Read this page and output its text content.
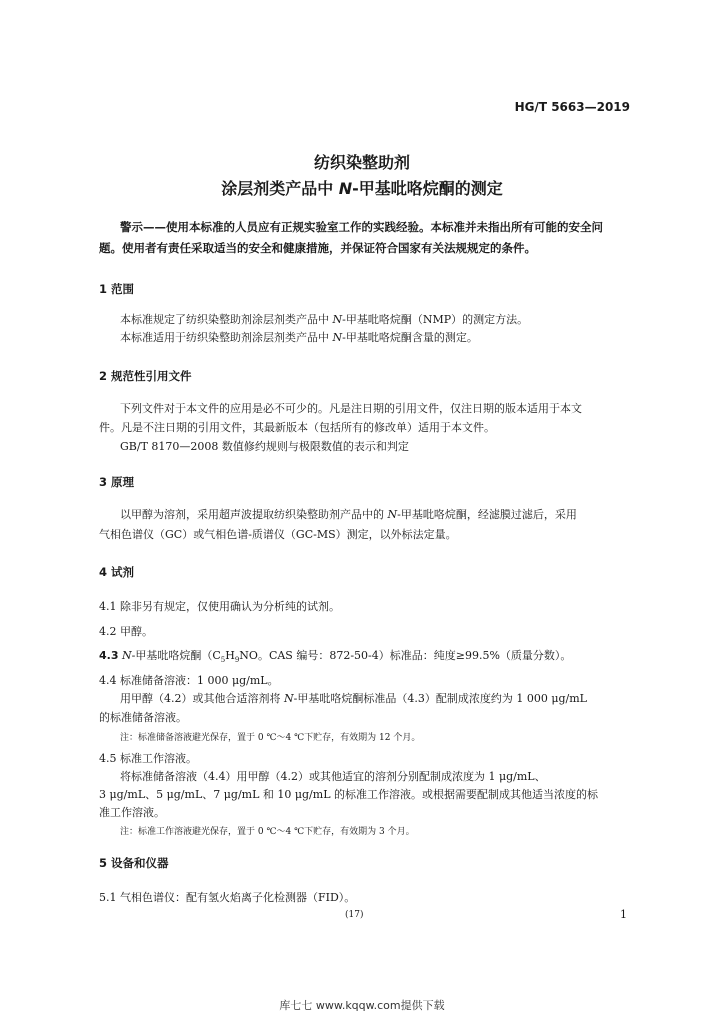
HG/T 5663—2019
纺织染整助剂
涂层剂类产品中 N-甲基吡咯烷酮的测定
警示——使用本标准的人员应有正规实验室工作的实践经验。本标准并未指出所有可能的安全问
题。使用者有责任采取适当的安全和健康措施，并保证符合国家有关法规规定的条件。
1 范围
本标准规定了纺织染整助剂涂层剂类产品中 N-甲基吡咯烷酮（NMP）的测定方法。
本标准适用于纺织染整助剂涂层剂类产品中 N-甲基吡咯烷酮含量的测定。
2 规范性引用文件
下列文件对于本文件的应用是必不可少的。凡是注日期的引用文件，仅注日期的版本适用于本文
件。凡是不注日期的引用文件，其最新版本（包括所有的修改单）适用于本文件。
GB/T 8170—2008 数值修约规则与极限数值的表示和判定
3 原理
以甲醇为溶剂，采用超声波提取纺织染整助剂产品中的 N-甲基吡咯烷酮，经滤膜过滤后，采用
气相色谱仪（GC）或气相色谱-质谱仪（GC-MS）测定，以外标法定量。
4 试剂
4.1 除非另有规定，仅使用确认为分析纯的试剂。
4.2 甲醇。
4.3 N-甲基吡咯烷酮（$C_5H_9NO$。CAS 编号：872-50-4）标准品：纯度≥99.5%（质量分数）。
4.4 标准储备溶液：1 000 μg/mL。
用甲醇（4.2）或其他合适溶剂将 N-甲基吡咯烷酮标准品（4.3）配制成浓度约为 1 000 μg/mL
的标准储备溶液。
注：标准储备溶液避光保存，置于 0 ℃～4 ℃下贮存，有效期为 12 个月。
4.5 标准工作溶液。
将标准储备溶液（4.4）用甲醇（4.2）或其他适宜的溶剂分别配制成浓度为 1 μg/mL、
3 μg/mL、5 μg/mL、7 μg/mL 和 10 μg/mL 的标准工作溶液。或根据需要配制成其他适当浓度的标
准工作溶液。
注：标准工作溶液避光保存，置于 0 ℃～4 ℃下贮存，有效期为 3 个月。
5 设备和仪器
5.1 气相色谱仪：配有氢火焰离子化检测器（FID）。
(17)	1
库七七 www.kqqw.com提供下载
